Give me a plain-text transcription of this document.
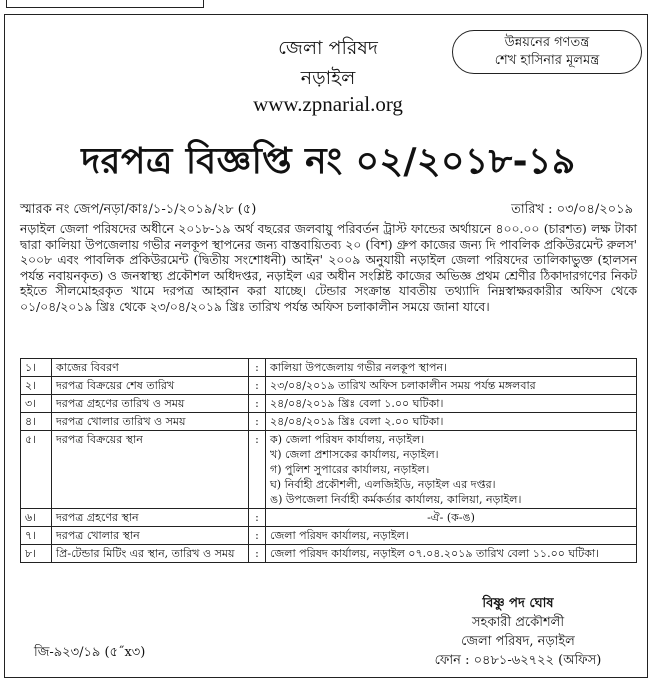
জেলা পরিষদ
নড়াইল
www.zpnarial.org
উন্নয়নের গণতন্ত্র
শেখ হাসিনার মূলমন্ত্র
দরপত্র বিজ্ঞপ্তি নং ০২/২০১৮-১৯
স্মারক নং জেপ/নড়া/কাঃ/১-১/২০১৯/২৮ (৫)	তারিখ : ০৩/০৪/২০১৯
নড়াইল জেলা পরিষদের অধীনে ২০১৮-১৯ অর্থ বছরের জলবায়ু পরিবর্তন ট্রাস্ট ফান্ডের অর্থায়নে ৪০০.০০ (চারশত) লক্ষ টাকা দ্বারা কালিয়া উপজেলায় গভীর নলকূপ স্থাপনের জন্য বাস্তবায়িতব্য ২০ (বিশ) গ্রুপ কাজের জন্য দি পাবলিক প্রকিউরমেন্ট রুলস' ২০০৮ এবং পাবলিক প্রকিউরমেন্ট (দ্বিতীয় সংশোধনী) আইন' ২০০৯ অনুযায়ী নড়াইল জেলা পরিষদের তালিকাভুক্ত (হালসন পর্যন্ত নবায়নকৃত) ও জনস্বাস্থ্য প্রকৌশল অধিদপ্তর, নড়াইল এর অধীন সংশ্লিষ্ট কাজের অভিজ্ঞ প্রথম শ্রেণীর ঠিকাদারগণের নিকট হইতে সীলমোহরকৃত খামে দরপত্র আহ্বান করা যাচ্ছে। টেন্ডার সংক্রান্ত যাবতীয় তথ্যাদি নিম্নস্বাক্ষরকারীর অফিস থেকে ০১/০৪/২০১৯ খ্রিঃ থেকে ২৩/০৪/২০১৯ খ্রিঃ তারিখ পর্যন্ত অফিস চলাকালীন সময়ে জানা যাবে।
১।	কাজের বিবরণ	:	কালিয়া উপজেলায় গভীর নলকূপ স্থাপন।
২।	দরপত্র বিক্রয়ের শেষ তারিখ	:	২৩/০৪/২০১৯ তারিখ অফিস চলাকালীন সময় পর্যন্ত মঙ্গলবার
৩।	দরপত্র গ্রহণের তারিখ ও সময়	:	২৪/০৪/২০১৯ খ্রিঃ বেলা ১.০০ ঘটিকা।
৪।	দরপত্র খোলার তারিখ ও সময়	:	২৪/০৪/২০১৯ খ্রিঃ বেলা ২.০০ ঘটিকা।
৫।	দরপত্র বিক্রয়ের স্থান	:	ক) জেলা পরিষদ কার্যালয়, নড়াইল।
খ) জেলা প্রশাসকের কার্যালয়, নড়াইল।
গ) পুলিশ সুপারের কার্যালয়, নড়াইল।
ঘ) নির্বাহী প্রকৌশলী, এলজিইডি, নড়াইল এর দপ্তর।
ঙ) উপজেলা নির্বাহী কর্মকর্তার কার্যালয়, কালিয়া, নড়াইল।

৬।	দরপত্র গ্রহণের স্থান	:	-ঐ- (ক-ঙ)
৭।	দরপত্র খোলার স্থান	:	জেলা পরিষদ কার্যালয়, নড়াইল।
৮।	প্রি-টেন্ডার মিটিং এর স্থান, তারিখ ও সময়	:	জেলা পরিষদ কার্যালয়, নড়াইল ০৭.০৪.২০১৯ তারিখ বেলা ১১.০০ ঘটিকা।
বিষ্ণু পদ ঘোষ
সহকারী প্রকৌশলী
জেলা পরিষদ, নড়াইল
ফোন : ০৪৮১-৬২৭২২ (অফিস)
জি-৯২৩/১৯ (৫˝x৩)
